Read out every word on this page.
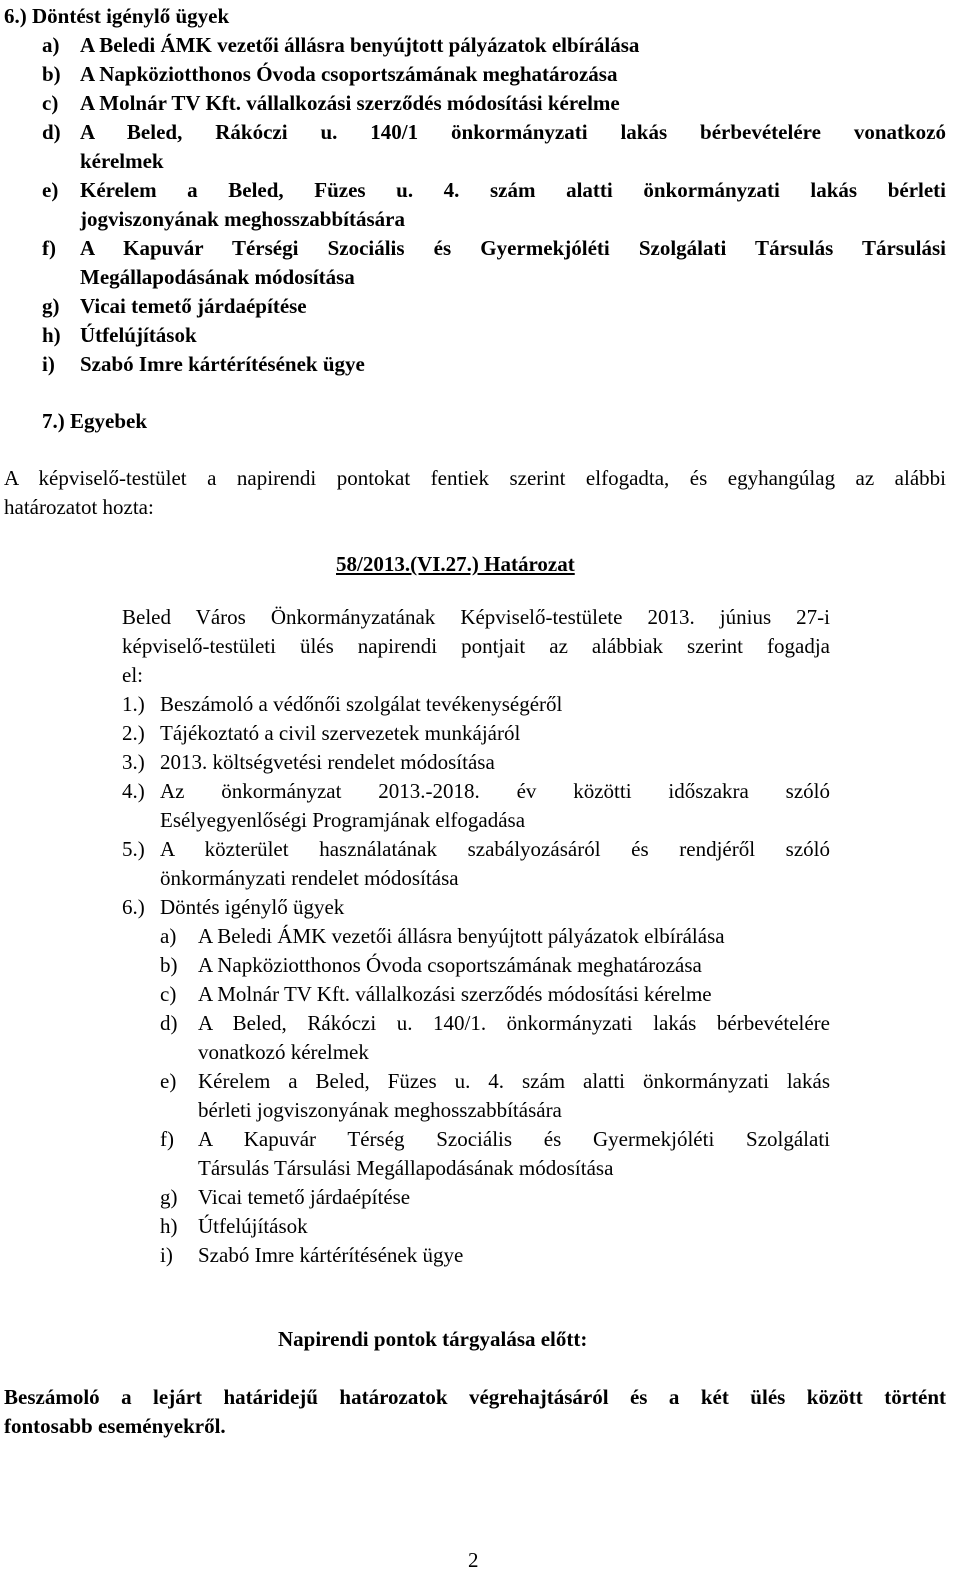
6.) Döntést igénylő ügyek
a) A Beledi ÁMK vezetői állásra benyújtott pályázatok elbírálása
b) A Napköziotthonos Óvoda csoportszámának meghatározása
c) A Molnár TV Kft. vállalkozási szerződés módosítási kérelme
d) A Beled, Rákóczi u. 140/1 önkormányzati lakás bérbevételére vonatkozó
kérelmek
e) Kérelem a Beled, Füzes u. 4. szám alatti önkormányzati lakás bérleti
jogviszonyának meghosszabbítására
f) A Kapuvár Térségi Szociális és Gyermekjóléti Szolgálati Társulás Társulási
Megállapodásának módosítása
g) Vicai temető járdaépítése
h) Útfelújítások
i) Szabó Imre kártérítésének ügye
7.) Egyebek
A képviselő-testület a napirendi pontokat fentiek szerint elfogadta, és egyhangúlag az alábbi
határozatot hozta:
58/2013.(VI.27.) Határozat
Beled Város Önkormányzatának Képviselő-testülete 2013. június 27-i
képviselő-testületi ülés napirendi pontjait az alábbiak szerint fogadja
el:
1.) Beszámoló a védőnői szolgálat tevékenységéről
2.) Tájékoztató a civil szervezetek munkájáról
3.) 2013. költségvetési rendelet módosítása
4.) Az önkormányzat 2013.-2018. év közötti időszakra szóló
Esélyegyenlőségi Programjának elfogadása
5.) A közterület használatának szabályozásáról és rendjéről szóló
önkormányzati rendelet módosítása
6.) Döntés igénylő ügyek
a) A Beledi ÁMK vezetői állásra benyújtott pályázatok elbírálása
b) A Napköziotthonos Óvoda csoportszámának meghatározása
c) A Molnár TV Kft. vállalkozási szerződés módosítási kérelme
d) A Beled, Rákóczi u. 140/1. önkormányzati lakás bérbevételére
vonatkozó kérelmek
e) Kérelem a Beled, Füzes u. 4. szám alatti önkormányzati lakás
bérleti jogviszonyának meghosszabbítására
f) A Kapuvár Térség Szociális és Gyermekjóléti Szolgálati
Társulás Társulási Megállapodásának módosítása
g) Vicai temető járdaépítése
h) Útfelújítások
i) Szabó Imre kártérítésének ügye
Napirendi pontok tárgyalása előtt:
Beszámoló a lejárt határidejű határozatok végrehajtásáról és a két ülés között történt
fontosabb eseményekről.
2
